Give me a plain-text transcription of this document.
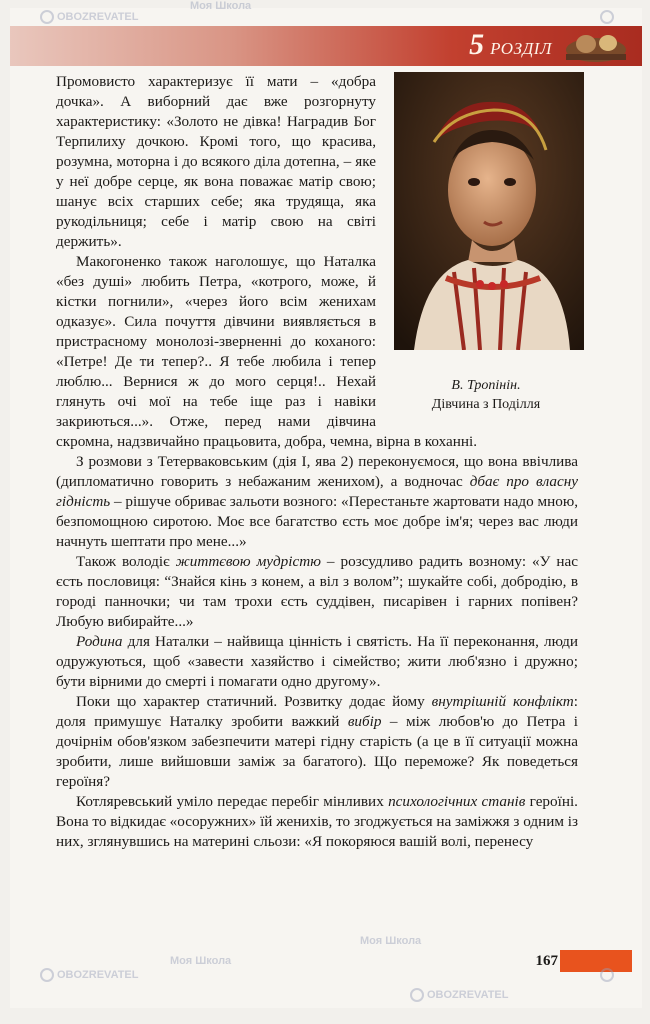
5 РОЗДІЛ
167
В. Тропінін.
Дівчина з Поділля

Промовисто характеризує її мати – «добра дочка». А виборний дає вже розгорнуту характеристику: «Золото не дівка! Наградив Бог Терпилиху дочкою. Кромі того, що красива, розумна, моторна і до всякого діла дотепна, – яке у неї добре серце, як вона поважає матір свою; шанує всіх старших себе; яка трудяща, яка рукодільниця; себе і матір свою на світі держить».

Макогоненко також наголошує, що Наталка «без душі» любить Петра, «котрого, може, й кістки погнили», «через його всім женихам одказує». Сила почуття дівчини виявляється в пристрасному монолозі-зверненні до коханого: «Петре! Де ти тепер?.. Я тебе любила і тепер люблю... Вернися ж до мого серця!.. Нехай глянуть очі мої на тебе іще раз і навіки закриються...». Отже, перед нами дівчина скромна, надзвичайно працьовита, добра, чемна, вірна в коханні.

З розмови з Тетерваковським (дія I, ява 2) переконуємося, що вона ввічлива (дипломатично говорить з небажаним женихом), а водночас дбає про власну гідність – рішуче обриває зальоти возного: «Перестаньте жартовати надо мною, безпомощною сиротою. Моє все багатство єсть моє добре ім'я; через вас люди начнуть шептати про мене...»

Також володіє життєвою мудрістю – розсудливо радить возному: «У нас єсть пословиця: “Знайся кінь з конем, а віл з волом”; шукайте собі, добродію, в городі панночки; чи там трохи єсть суддівен, писарівен і гарних попівен? Любую вибирайте...»

Родина для Наталки – найвища цінність і святість. На її переконання, люди одружуються, щоб «завести хазяйство і сімейство; жити люб'язно і дружно; бути вірними до смерті і помагати одно другому».

Поки що характер статичний. Розвитку додає йому внутрішній конфлікт: доля примушує Наталку зробити важкий вибір – між любов'ю до Петра і дочірнім обов'язком забезпечити матері гідну старість (а це в її ситуації можна зробити, лише вийшовши заміж за багатого). Що переможе? Як поведеться героїня?

Котляревський уміло передає перебіг мінливих психологічних станів героїні. Вона то відкидає «осоружних» їй женихів, то згоджується на заміжжя з одним із них, зглянувшись на материні сльози: «Я покоряюся вашій волі, перенесу

OBOZREVATEL
Моя Школа
OBOZREVATEL
Моя Школа
OBOZREVATEL
Моя Школа
